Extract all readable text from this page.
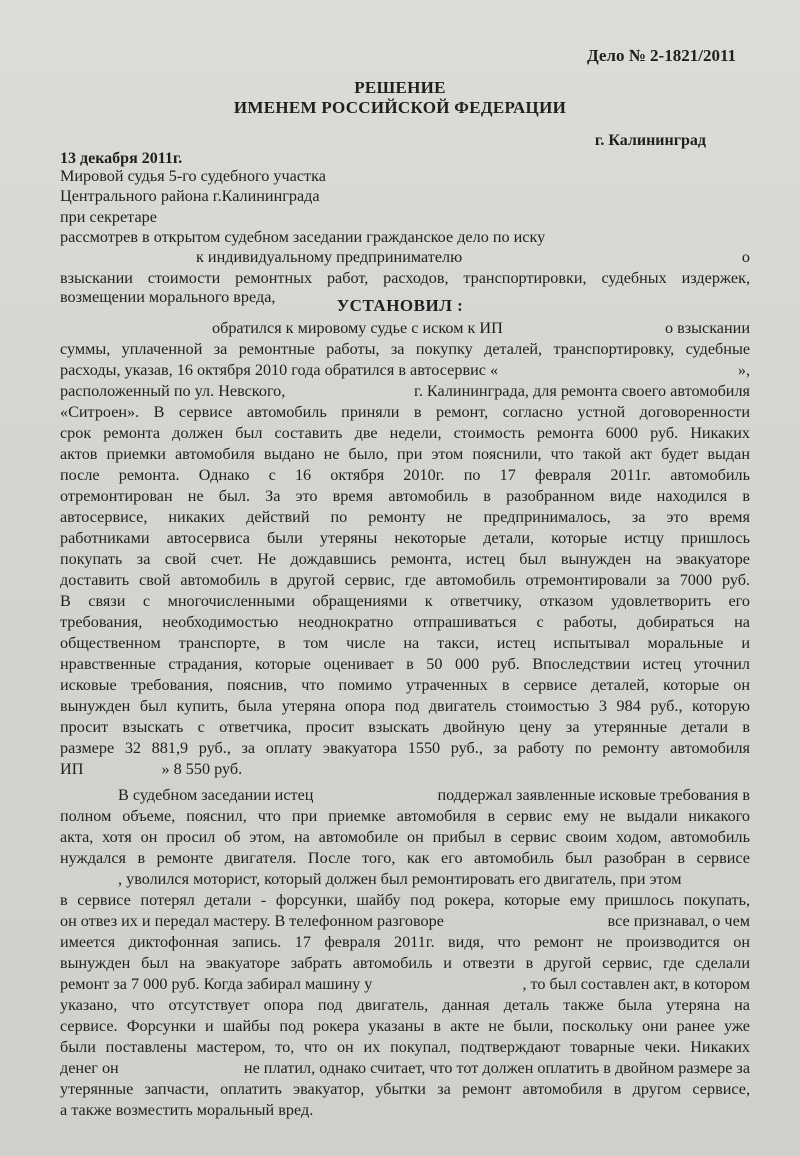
Дело № 2-1821/2011
РЕШЕНИЕ
ИМЕНЕМ РОССИЙСКОЙ ФЕДЕРАЦИИ
г. Калининград
13 декабря 2011г.
Мировой судья 5-го судебного участка
Центрального района г.Калининграда
при секретаре
рассмотрев в открытом судебном заседании гражданское дело по иску
к индивидуальному предпринимателю	о
взыскании стоимости ремонтных работ, расходов, транспортировки, судебных издержек,
возмещении морального вреда,	УСТАНОВИЛ :
обратился к мировому судье с иском к ИП	о взыскании
суммы, уплаченной за ремонтные работы, за покупку деталей, транспортировку, судебные
расходы, указав, 16 октября 2010 года обратился в автосервис «	»,
расположенный по ул. Невского,	г. Калининграда, для ремонта своего автомобиля
«Ситроен». В сервисе автомобиль приняли в ремонт, согласно устной договоренности
срок ремонта должен был составить две недели, стоимость ремонта 6000 руб. Никаких
актов приемки автомобиля выдано не было, при этом пояснили, что такой акт будет выдан
после ремонта. Однако с 16 октября 2010г. по 17 февраля 2011г. автомобиль
отремонтирован не был. За это время автомобиль в разобранном виде находился в
автосервисе, никаких действий по ремонту не предпринималось, за это время
работниками автосервиса были утеряны некоторые детали, которые истцу пришлось
покупать за свой счет. Не дождавшись ремонта, истец был вынужден на эвакуаторе
доставить свой автомобиль в другой сервис, где автомобиль отремонтировали за 7000 руб.
В связи с многочисленными обращениями к ответчику, отказом удовлетворить его
требования, необходимостью неоднократно отпрашиваться с работы, добираться на
общественном транспорте, в том числе на такси, истец испытывал моральные и
нравственные страдания, которые оценивает в 50 000 руб. Впоследствии истец уточнил
исковые требования, пояснив, что помимо утраченных в сервисе деталей, которые он
вынужден был купить, была утеряна опора под двигатель стоимостью 3 984 руб., которую
просит взыскать с ответчика, просит взыскать двойную цену за утерянные детали в
размере 32 881,9 руб., за оплату эвакуатора 1550 руб., за работу по ремонту автомобиля
ИП	» 8 550 руб.
В судебном заседании истец	поддержал заявленные исковые требования в
полном объеме, пояснил, что при приемке автомобиля в сервис ему не выдали никакого
акта, хотя он просил об этом, на автомобиле он прибыл в сервис своим ходом, автомобиль
нуждался в ремонте двигателя. После того, как его автомобиль был разобран в сервисе
, уволился моторист, который должен был ремонтировать его двигатель, при этом
в сервисе потерял детали - форсунки, шайбу под рокера, которые ему пришлось покупать,
он отвез их и передал мастеру. В телефонном разговоре	все признавал, о чем
имеется диктофонная запись. 17 февраля 2011г. видя, что ремонт не производится он
вынужден был на эвакуаторе забрать автомобиль и отвезти в другой сервис, где сделали
ремонт за 7 000 руб. Когда забирал машину у	, то был составлен акт, в котором
указано, что отсутствует опора под двигатель, данная деталь также была утеряна на
сервисе. Форсунки и шайбы под рокера указаны в акте не были, поскольку они ранее уже
были поставлены мастером, то, что он их покупал, подтверждают товарные чеки. Никаких
денег он	не платил, однако считает, что тот должен оплатить в двойном размере за
утерянные запчасти, оплатить эвакуатор, убытки за ремонт автомобиля в другом сервисе,
а также возместить моральный вред.
